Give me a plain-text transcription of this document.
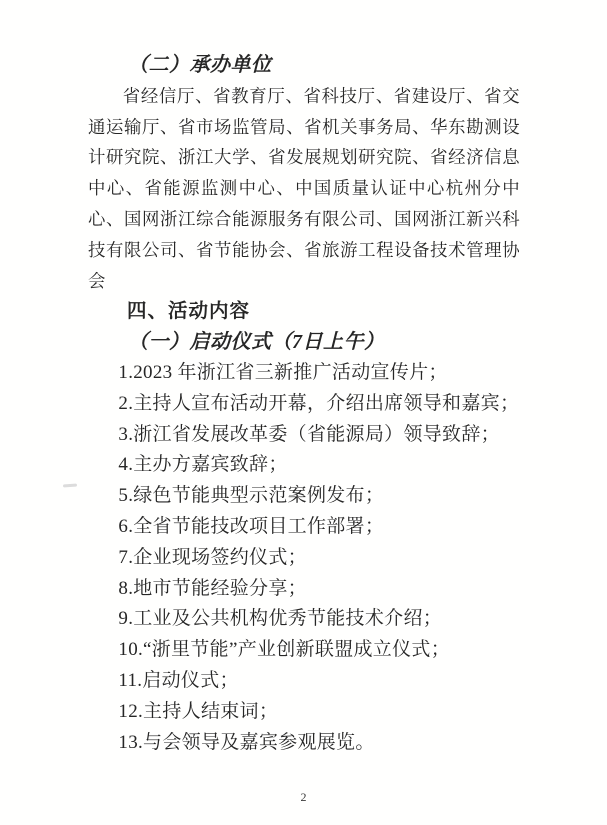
（二）承办单位

省经信厅、省教育厅、省科技厅、省建设厅、省交通运输厅、省市场监管局、省机关事务局、华东勘测设计研究院、浙江大学、省发展规划研究院、省经济信息中心、省能源监测中心、中国质量认证中心杭州分中心、国网浙江综合能源服务有限公司、国网浙江新兴科技有限公司、省节能协会、省旅游工程设备技术管理协会

四、活动内容

（一）启动仪式（7日上午）

1.2023 年浙江省三新推广活动宣传片；

2.主持人宣布活动开幕，介绍出席领导和嘉宾；

3.浙江省发展改革委（省能源局）领导致辞；

4.主办方嘉宾致辞；

5.绿色节能典型示范案例发布；

6.全省节能技改项目工作部署；

7.企业现场签约仪式；

8.地市节能经验分享；

9.工业及公共机构优秀节能技术介绍；

10.“浙里节能”产业创新联盟成立仪式；

11.启动仪式；

12.主持人结束词；

13.与会领导及嘉宾参观展览。

2
